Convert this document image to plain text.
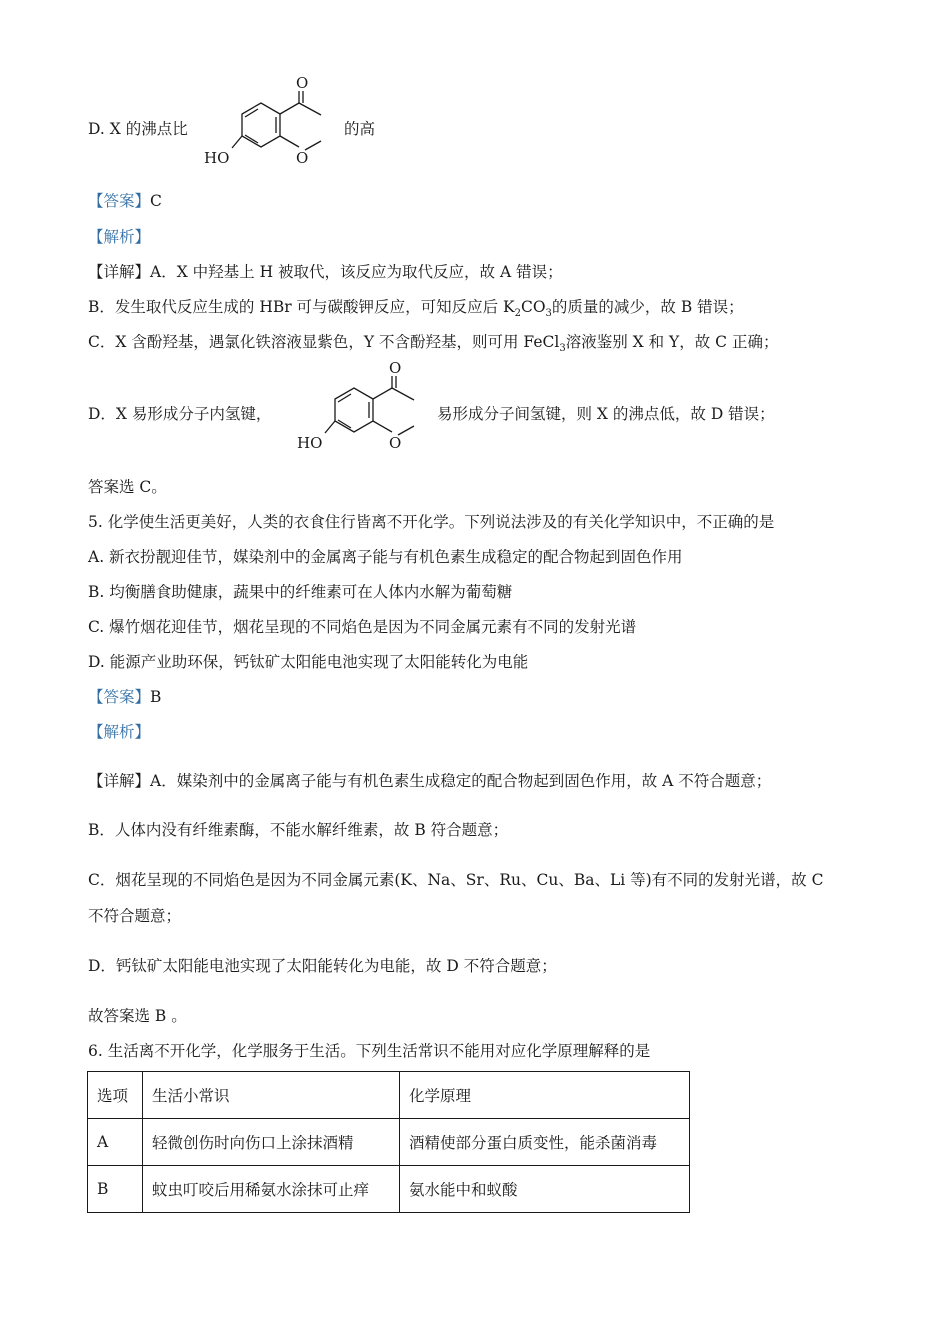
D. X 的沸点比
O
O
HO
的高
【答案】C
【解析】
【详解】A．X 中羟基上 H 被取代，该反应为取代反应，故 A 错误；
B．发生取代反应生成的 HBr 可与碳酸钾反应，可知反应后 $K_2CO_3$的质量的减少，故 B 错误；
C．X 含酚羟基，遇氯化铁溶液显紫色，Y 不含酚羟基，则可用 FeCl$_3$溶液鉴别 X 和 Y，故 C 正确；
D．X 易形成分子内氢键，
O
O
HO
易形成分子间氢键，则 X 的沸点低，故 D 错误；
答案选 C。
5. 化学使生活更美好，人类的衣食住行皆离不开化学。下列说法涉及的有关化学知识中，不正确的是
A. 新衣扮靓迎佳节，媒染剂中的金属离子能与有机色素生成稳定的配合物起到固色作用
B. 均衡膳食助健康，蔬果中的纤维素可在人体内水解为葡萄糖
C. 爆竹烟花迎佳节，烟花呈现的不同焰色是因为不同金属元素有不同的发射光谱
D. 能源产业助环保，钙钛矿太阳能电池实现了太阳能转化为电能
【答案】B
【解析】
【详解】A．媒染剂中的金属离子能与有机色素生成稳定的配合物起到固色作用，故 A 不符合题意；
B．人体内没有纤维素酶，不能水解纤维素，故 B 符合题意；
C．烟花呈现的不同焰色是因为不同金属元素(K、Na、Sr、Ru、Cu、Ba、Li 等)有不同的发射光谱，故 C
不符合题意；
D．钙钛矿太阳能电池实现了太阳能转化为电能，故 D 不符合题意；
故答案选 B 。
6. 生活离不开化学，化学服务于生活。下列生活常识不能用对应化学原理解释的是
选项	生活小常识	化学原理
A	轻微创伤时向伤口上涂抹酒精	酒精使部分蛋白质变性，能杀菌消毒
B	蚊虫叮咬后用稀氨水涂抹可止痒	氨水能中和蚁酸
